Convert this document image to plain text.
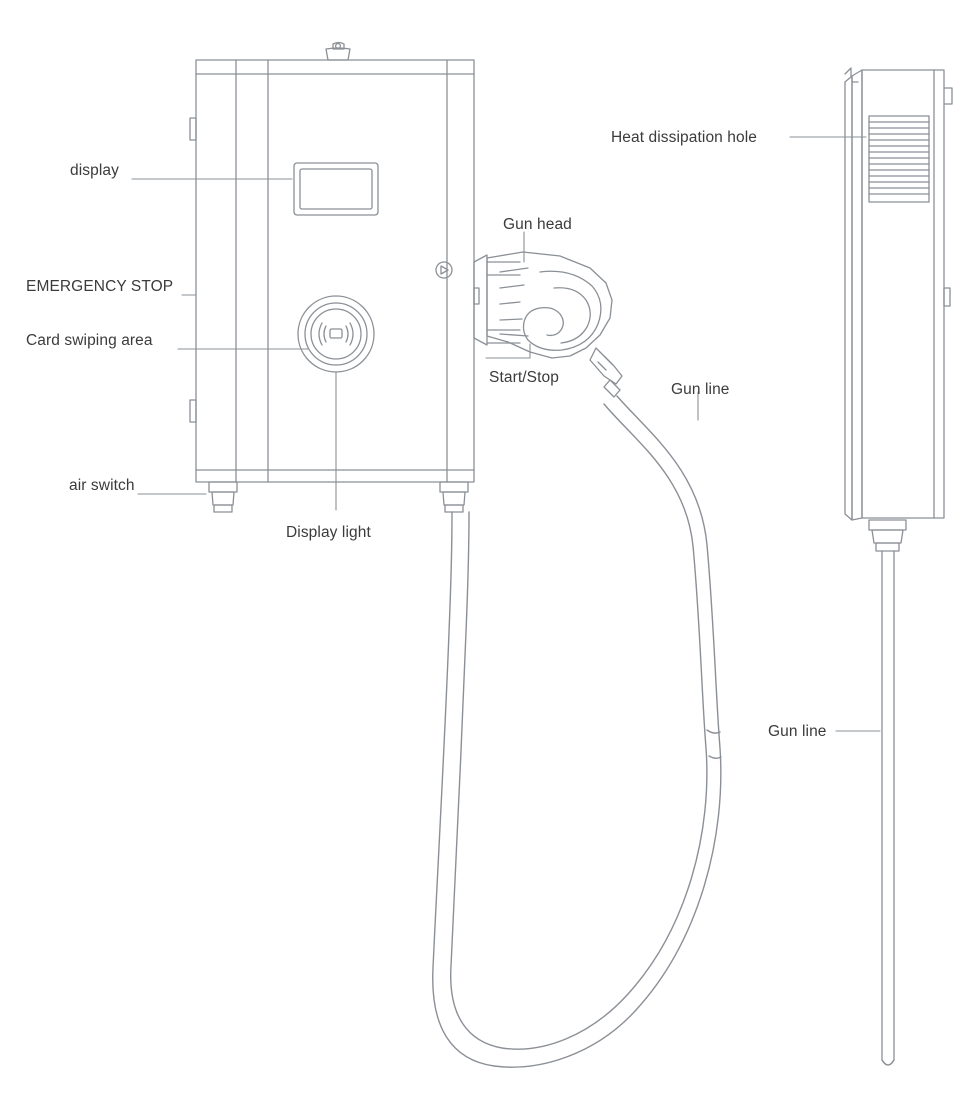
display
EMERGENCY STOP
Card swiping area
air switch
Display light
Gun head
Start/Stop
Gun line
Heat dissipation hole
Gun line
